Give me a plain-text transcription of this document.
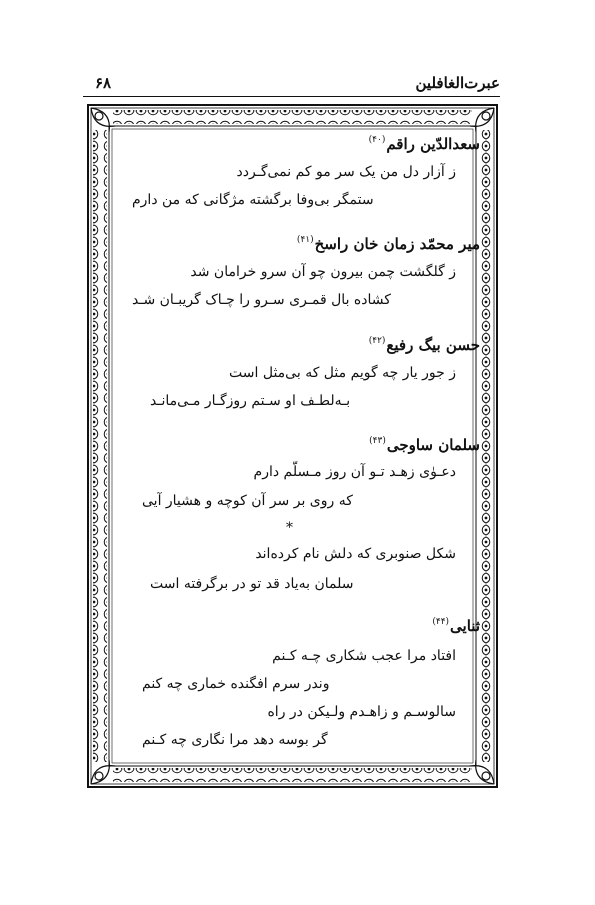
عبرت‌الغافلین
۶۸
سعدالدّین راقم$^{(۴۰)}$
ز آزار دل من یک سر مو کم نمی‌گـردد
ستمگر بی‌وفا برگشته مژگانی که من دارم
میر محمّد زمان خان راسخ$^{(۴۱)}$
ز گلگشت چمن بیرون چو آن سرو خرامان شد
کشاده بال قمـری سـرو را چـاک گریبـان شـد
حسن بیگ رفیع$^{(۴۲)}$
ز جور یار چه گویم مثل که بی‌مثل است
بـه‌لطـف او سـتم روزگـار مـی‌مانـد
سلمان ساوجی$^{(۴۳)}$
دعـوٰی زهـد تـو آن روز مـسلّم دارم
که روی بر سر آن کوچه و هشیار آیی
*
شکل صنوبری که دلش نام کرده‌اند
سلمان به‌یاد قد تو در برگرفته است
ثنایی$^{(۴۴)}$
افتاد مرا عجب شکاری چـه کـنم
وندر سرم افگنده خماری چه کنم
سالوسـم و زاهـدم ولـیکن در راه
گر بوسه دهد مرا نگاری چه کـنم
